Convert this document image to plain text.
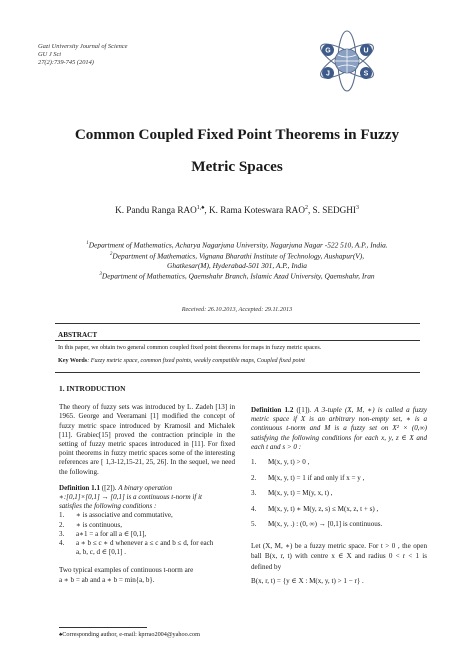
Gazi University Journal of Science
GU J Sci
27(2):739-745 (2014)
G	U
J	S
Common Coupled Fixed Point Theorems in Fuzzy
Metric Spaces
K. Pandu Ranga $RAO^{1,♠}$, K. Rama Koteswara RAO$^2$, S. SEDGHI$^3$
$^1$Department of Mathematics, Acharya Nagarjuna University, Nagarjuna Nagar -522 510, A.P., India.
$^2$Department of Mathematics, Vignana Bharathi Institute of Technology, Aushapur(V),
Ghatkesar(M), Hyderabad-501 301, A.P., India
$^3$Department of Mathematics, Qaemshahr Branch, Islamic Azad University, Qaemshahr, Iran
Received: 26.10.2013, Accepted: 29.11.2013
ABSTRACT
In this paper, we obtain two general common coupled fixed point theorems for maps in fuzzy metric spaces.
Key Words: Fuzzy metric space, common fixed points, weakly compatible maps, Coupled fixed point
1. INTRODUCTION
The theory of fuzzy sets was introduced by L. Zadeh [13] in 1965. George and Veeramani [1] modified the concept of fuzzy metric space introduced by Kramosil and Michalek [11]. Grabiec[15] proved the contraction principle in the setting of fuzzy metric spaces introduced in [11]. For fixed point theorems in fuzzy metric spaces some of the interesting references are [ 1,3-12,15-21, 25, 26]. In the sequel, we need the following.
Definition 1.1 ([2]). A binary operation
∗:[0,1]×[0,1] → [0,1] is a continuous t-norm if it
satisfies the following conditions :
1.	∗ is associative and commutative,
2.	∗ is continuous,
3.	a∗1 = a for all a ∈ [0,1],
4.	a ∗ b ≤ c ∗ d whenever a ≤ c and b ≤ d, for each
a, b, c, d ∈ [0,1] .
Two typical examples of continuous t-norm are
a ∗ b = ab and a ∗ b = min{a, b}.
Definition 1.2 ([1]). A 3-tuple (X, M, ∗) is called a fuzzy metric space if X is an arbitrary non-empty set, ∗ is a continuous t-norm and M is a fuzzy set on X² × (0,∞) satisfying the following conditions for each x, y, z ∈ X and each t and s > 0 :
1.	M(x, y, t) > 0 ,
2.	M(x, y, t) = 1 if and only if x = y ,
3.	M(x, y, t) = M(y, x, t) ,
4.	M(x, y, t) ∗ M(y, z, s) ≤ M(x, z, t + s) ,
5.	M(x, y, .) : (0, ∞) → [0,1] is continuous.
Let (X, M, ∗) be a fuzzy metric space. For t > 0 , the open ball B(x, r, t) with centre x ∈ X and radius 0 < r < 1 is defined by
B(x, r, t) = {y ∈ X : M(x, y, t) > 1 − r} .
♠Corresponding author, e-mail: kprrao2004@yahoo.com
